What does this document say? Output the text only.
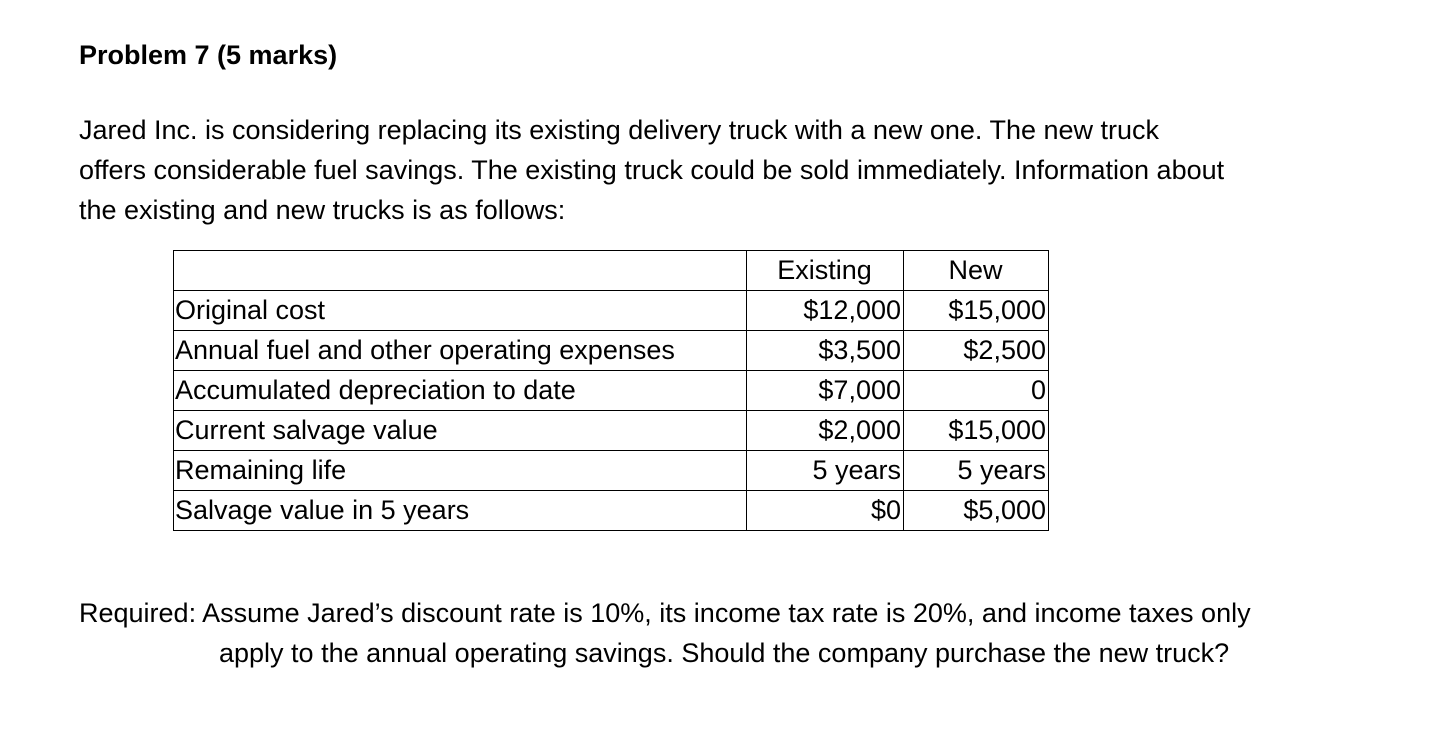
Problem 7 (5 marks)

Jared Inc. is considering replacing its existing delivery truck with a new one. The new truck
offers considerable fuel savings. The existing truck could be sold immediately. Information about
the existing and new trucks is as follows:

	Existing	New
Original cost	$12,000	$15,000
Annual fuel and other operating expenses	$3,500	$2,500
Accumulated depreciation to date	$7,000	0
Current salvage value	$2,000	$15,000
Remaining life	5 years	5 years
Salvage value in 5 years	$0	$5,000

Required: Assume Jared’s discount rate is 10%, its income tax rate is 20%, and income taxes only
apply to the annual operating savings. Should the company purchase the new truck?
